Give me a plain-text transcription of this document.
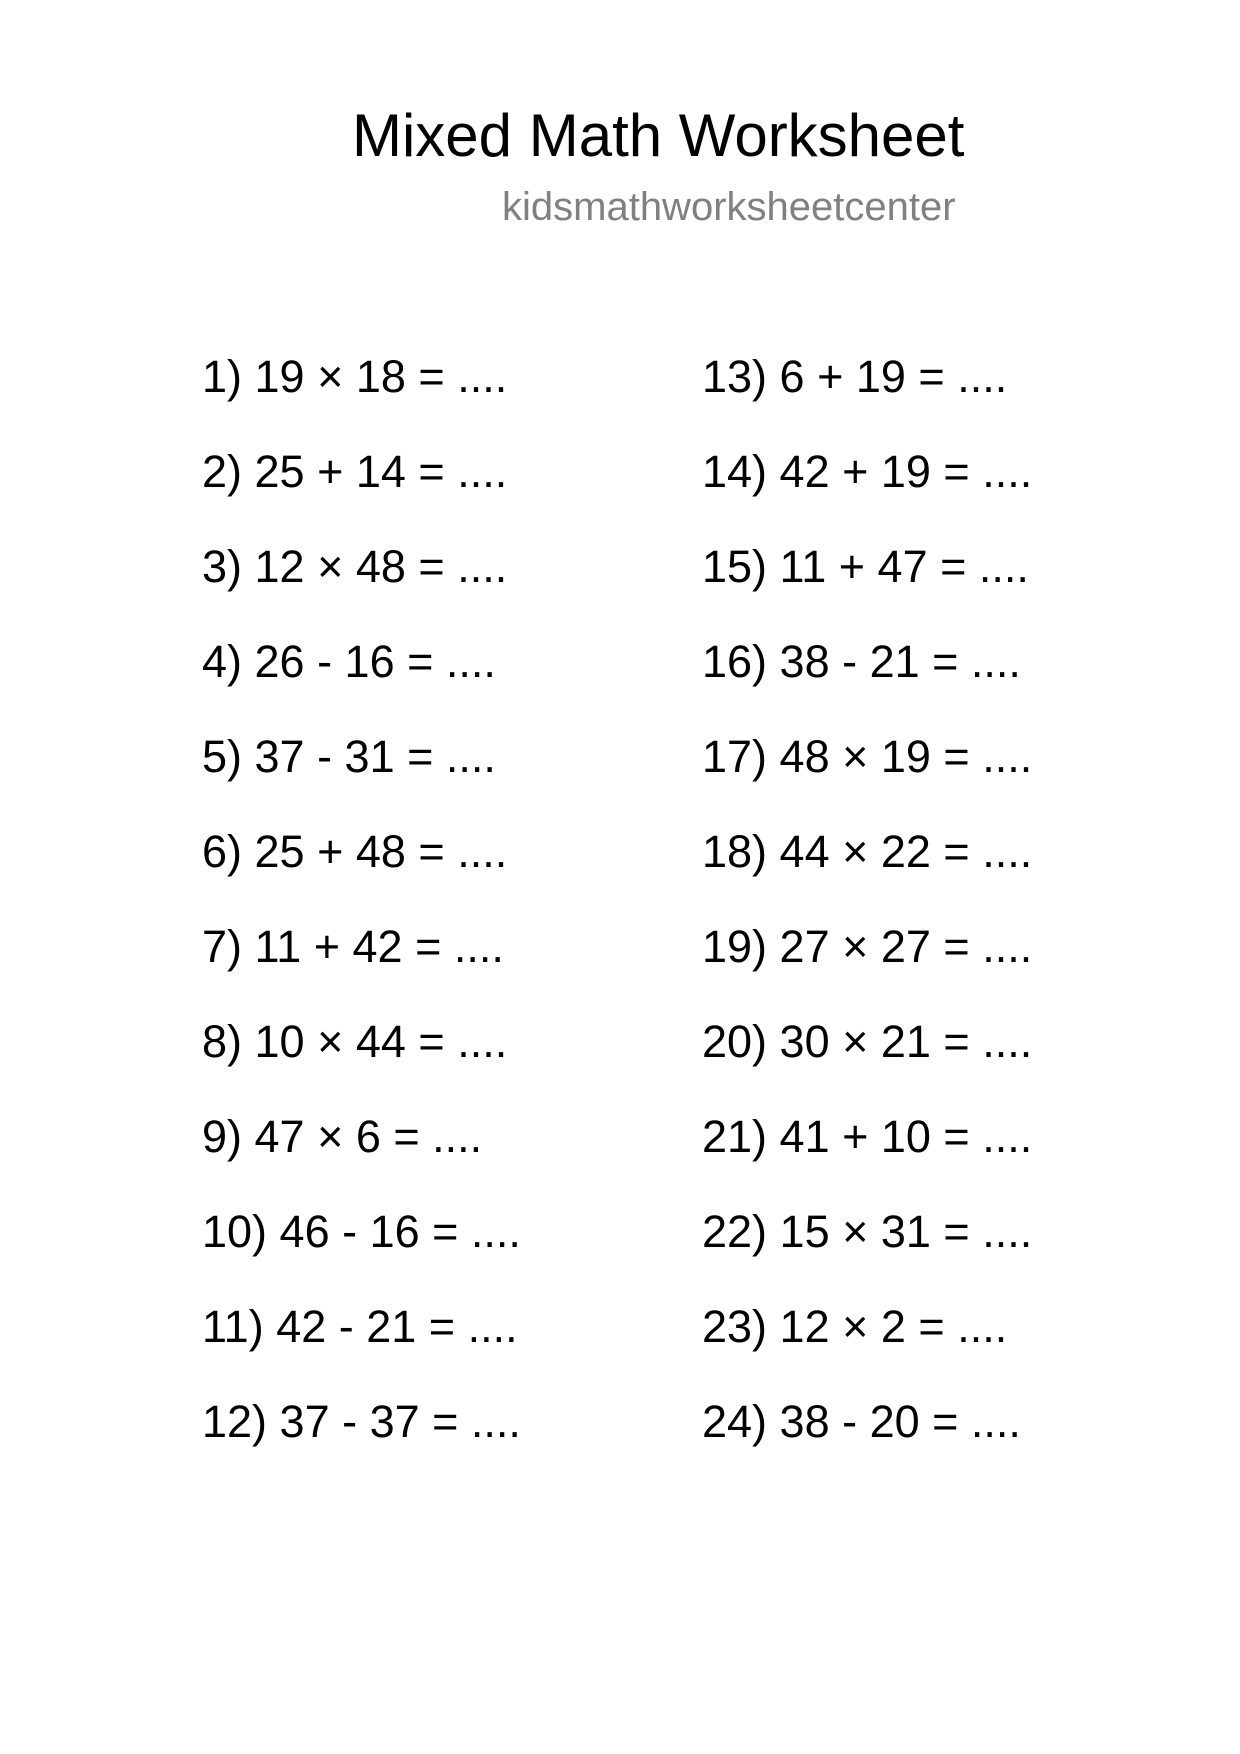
Mixed Math Worksheet
kidsmathworksheetcenter
1) 19 × 18 = ....
2) 25 + 14 = ....
3) 12 × 48 = ....
4) 26 - 16 = ....
5) 37 - 31 = ....
6) 25 + 48 = ....
7) 11 + 42 = ....
8) 10 × 44 = ....
9) 47 × 6 = ....
10) 46 - 16 = ....
11) 42 - 21 = ....
12) 37 - 37 = ....
13) 6 + 19 = ....
14) 42 + 19 = ....
15) 11 + 47 = ....
16) 38 - 21 = ....
17) 48 × 19 = ....
18) 44 × 22 = ....
19) 27 × 27 = ....
20) 30 × 21 = ....
21) 41 + 10 = ....
22) 15 × 31 = ....
23) 12 × 2 = ....
24) 38 - 20 = ....
